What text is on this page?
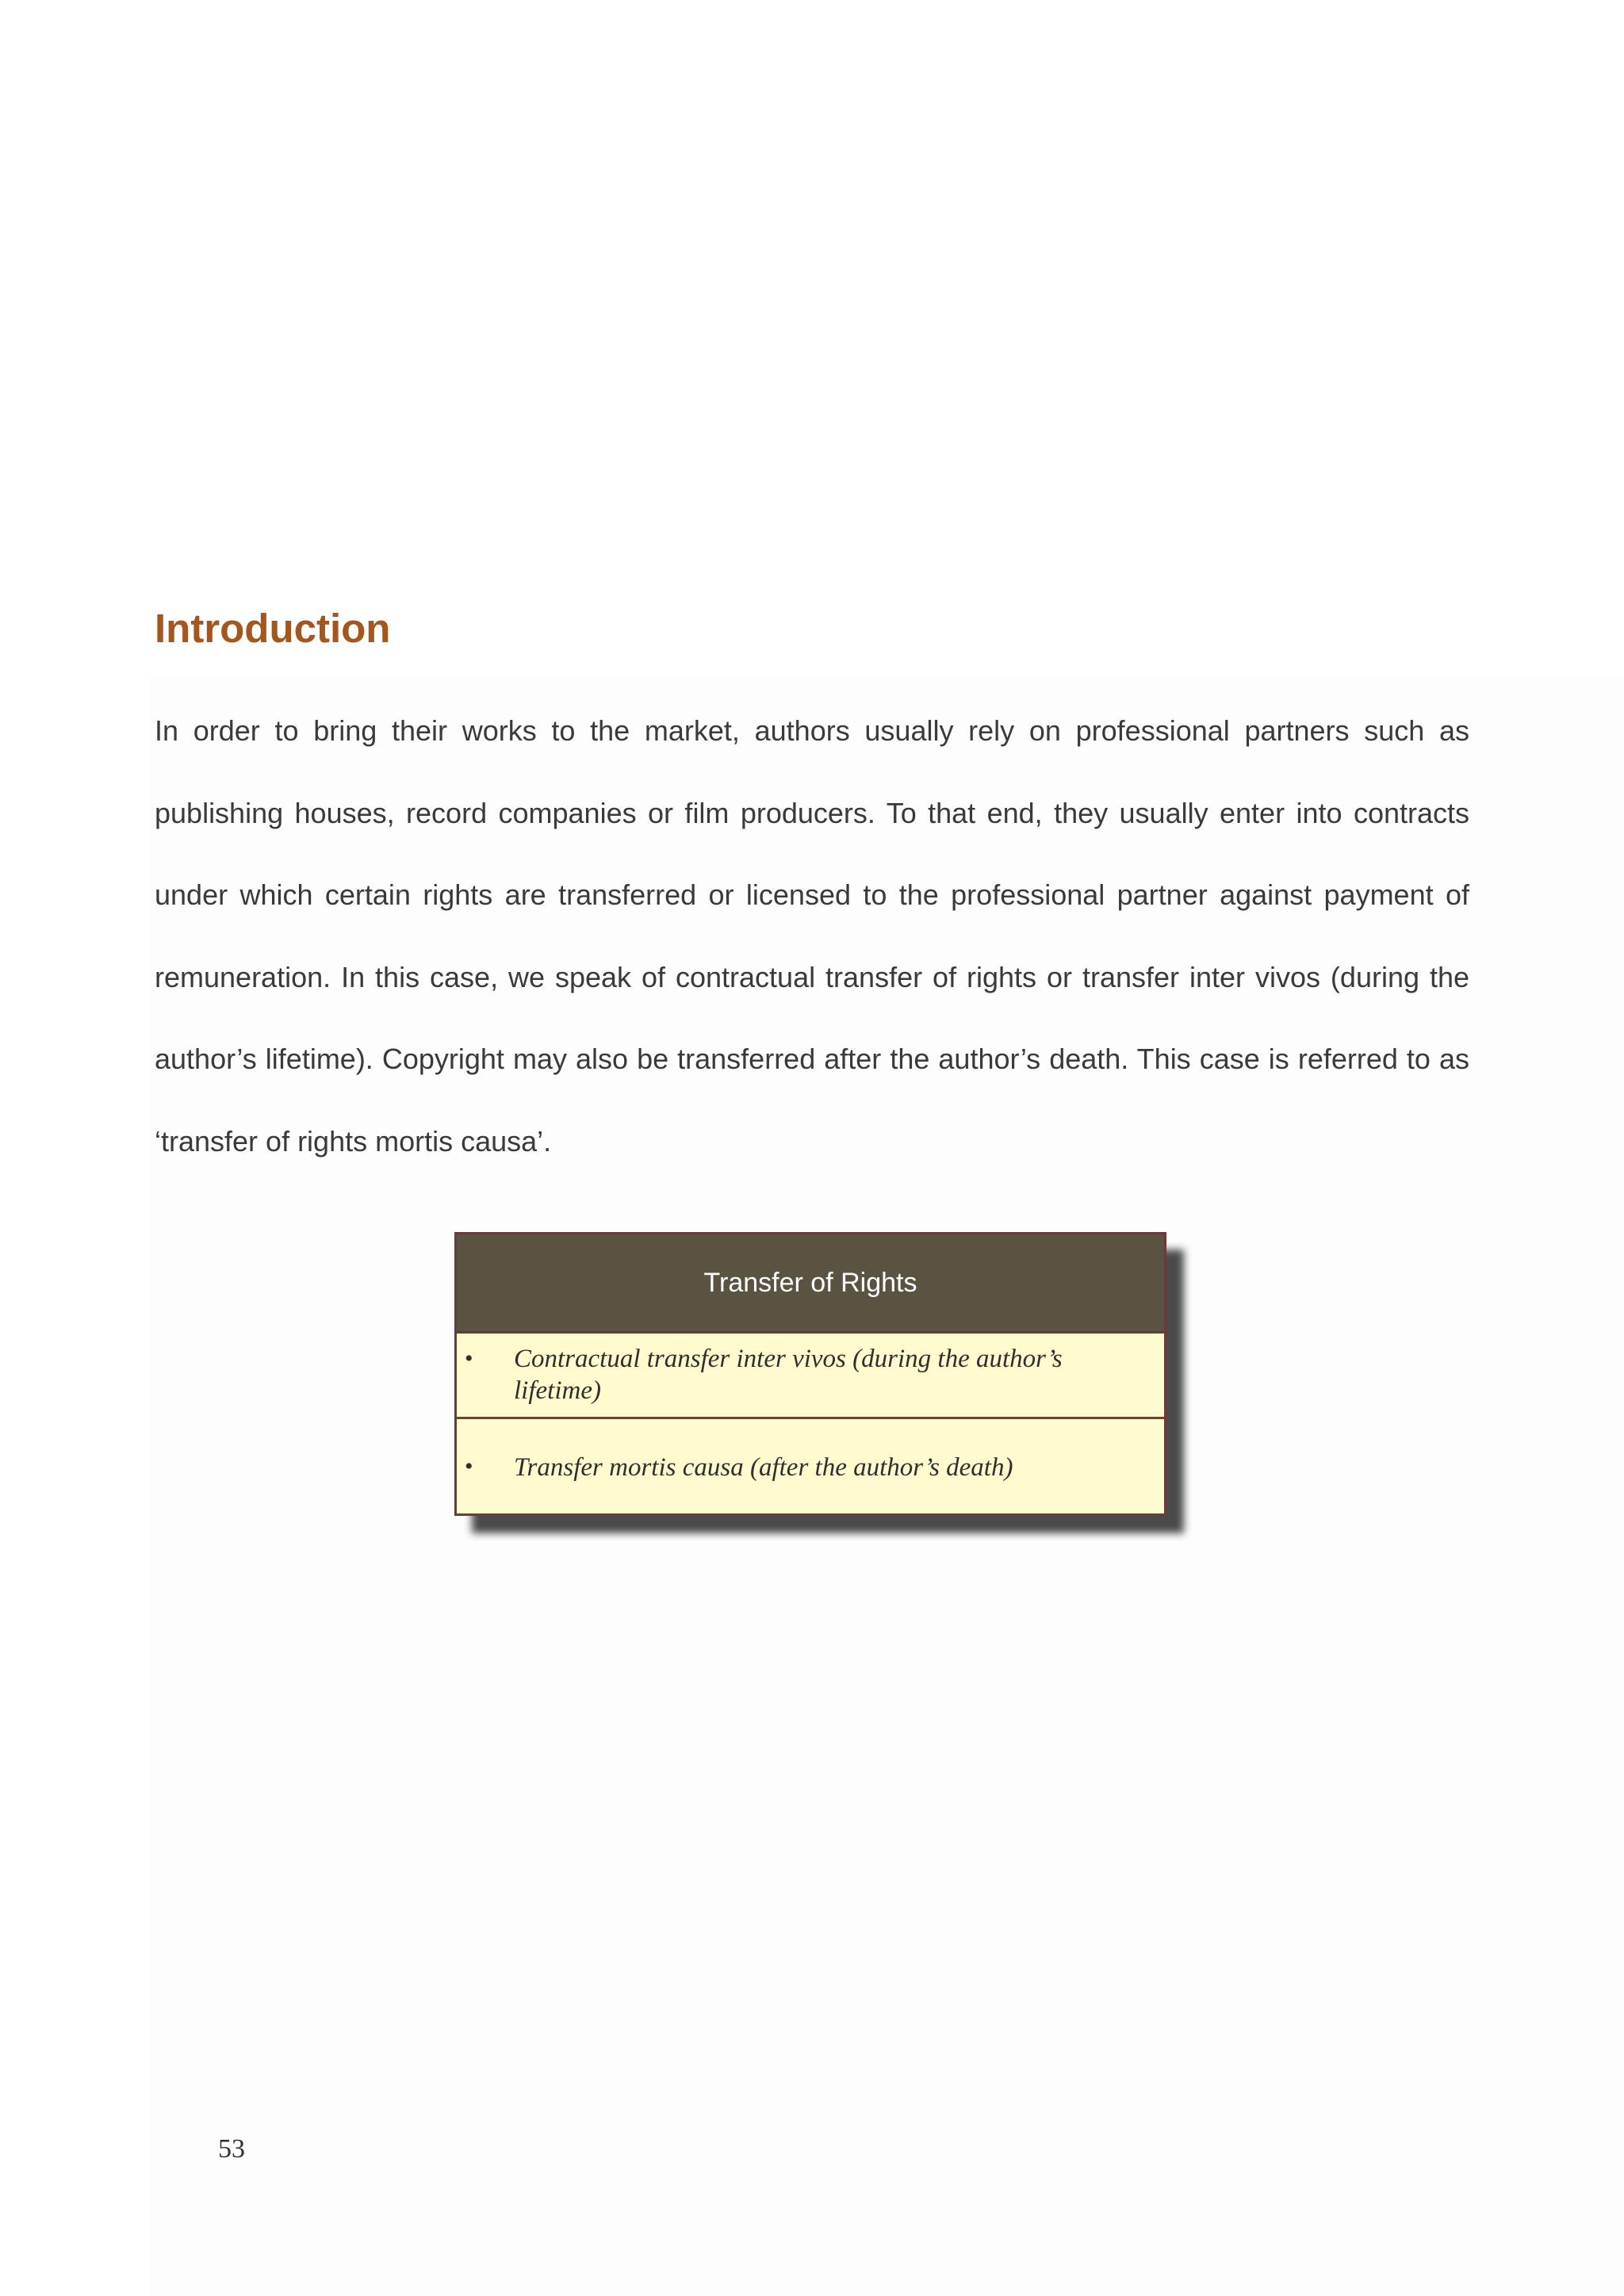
Introduction

In order to bring their works to the market, authors usually rely on professional partners such as publishing houses, record companies or film producers. To that end, they usually enter into contracts under which certain rights are transferred or licensed to the professional partner against payment of remuneration. In this case, we speak of contractual transfer of rights or transfer inter vivos (during the author’s lifetime). Copyright may also be transferred after the author’s death. This case is referred to as ‘transfer of rights mortis causa’.

Transfer of Rights
• Contractual transfer inter vivos (during the author’s lifetime)
• Transfer mortis causa (after the author’s death)
53
